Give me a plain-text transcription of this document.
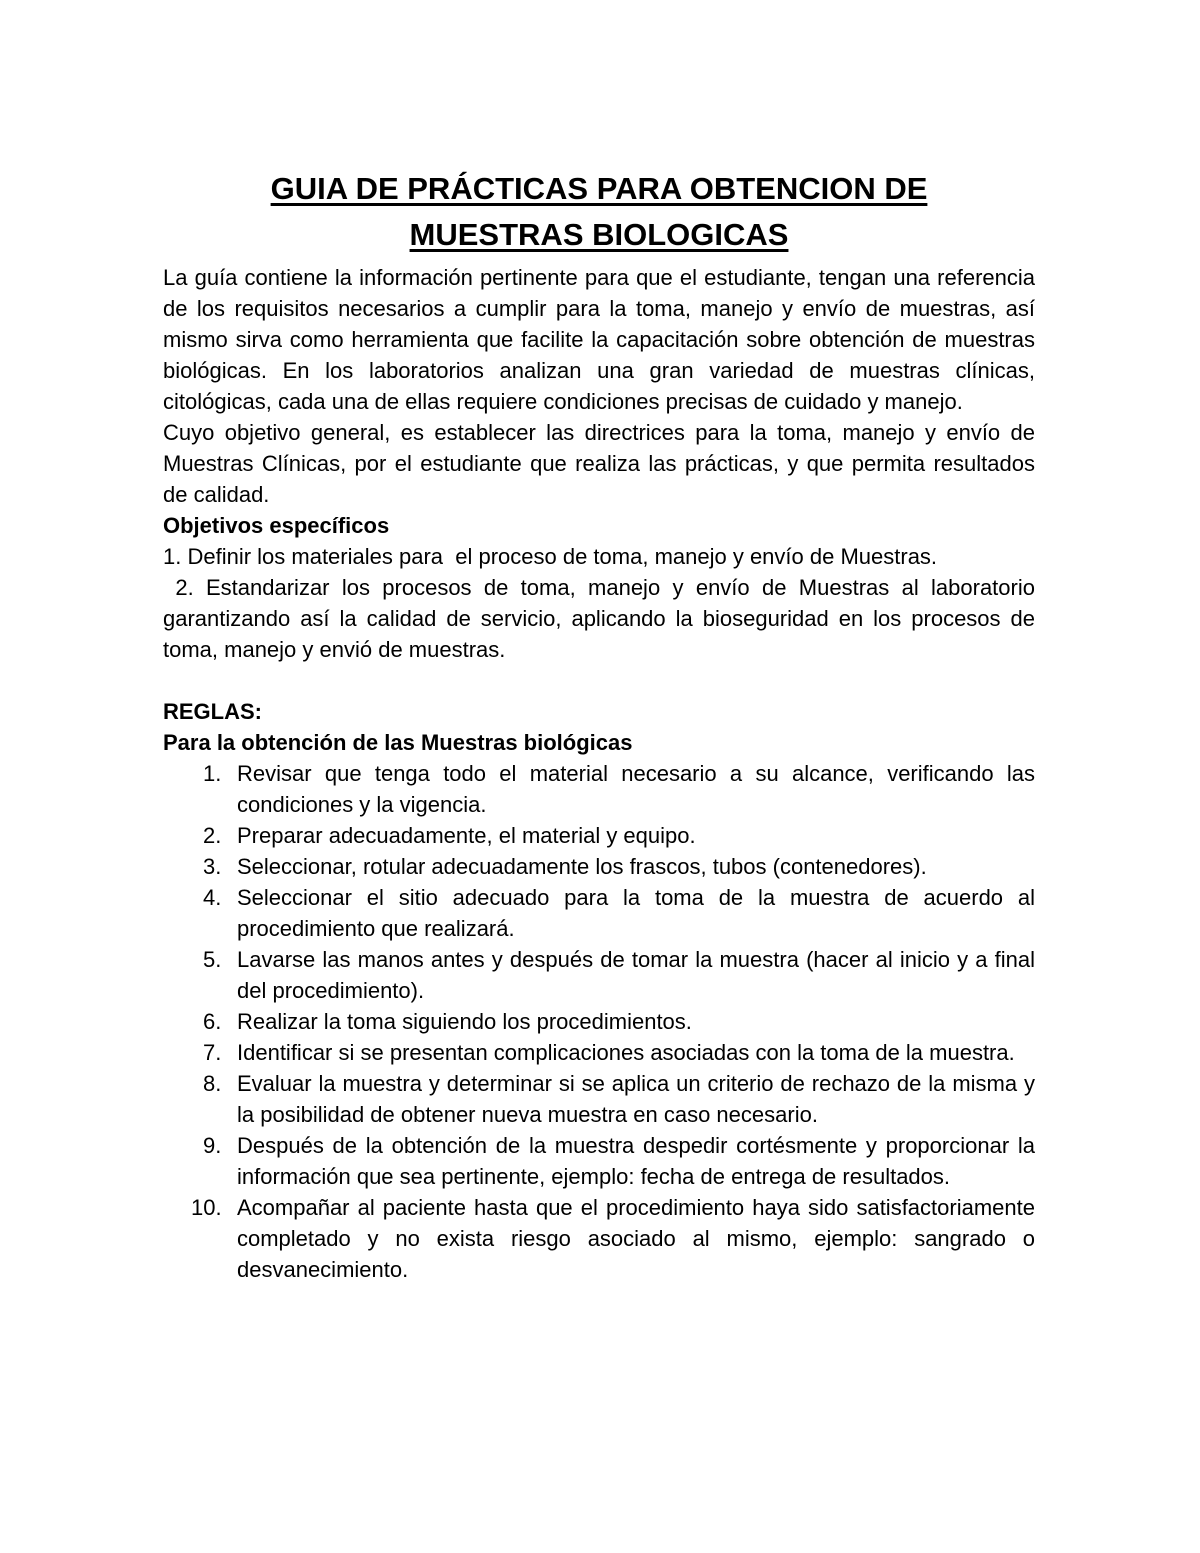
GUIA DE PRÁCTICAS PARA OBTENCION DE
MUESTRAS BIOLOGICAS

La guía contiene la información pertinente para que el estudiante, tengan una referencia de los requisitos necesarios a cumplir para la toma, manejo y envío de muestras, así mismo sirva como herramienta que facilite la capacitación sobre obtención de muestras biológicas. En los laboratorios analizan una gran variedad de muestras clínicas, citológicas, cada una de ellas requiere condiciones precisas de cuidado y manejo.

Cuyo objetivo general, es establecer las directrices para la toma, manejo y envío de Muestras Clínicas, por el estudiante que realiza las prácticas, y que permita resultados de calidad.

Objetivos específicos

1. Definir los materiales para  el proceso de toma, manejo y envío de Muestras.

2. Estandarizar los procesos de toma, manejo y envío de Muestras al laboratorio garantizando así la calidad de servicio, aplicando la bioseguridad en los procesos de toma, manejo y envió de muestras.

REGLAS:

Para la obtención de las Muestras biológicas

1. Revisar que tenga todo el material necesario a su alcance, verificando las condiciones y la vigencia.
2. Preparar adecuadamente, el material y equipo.
3. Seleccionar, rotular adecuadamente los frascos, tubos (contenedores).
4. Seleccionar el sitio adecuado para la toma de la muestra de acuerdo al procedimiento que realizará.
5. Lavarse las manos antes y después de tomar la muestra (hacer al inicio y a final del procedimiento).
6. Realizar la toma siguiendo los procedimientos.
7. Identificar si se presentan complicaciones asociadas con la toma de la muestra.
8. Evaluar la muestra y determinar si se aplica un criterio de rechazo de la misma y la posibilidad de obtener nueva muestra en caso necesario.
9. Después de la obtención de la muestra despedir cortésmente y proporcionar la información que sea pertinente, ejemplo: fecha de entrega de resultados.
10. Acompañar al paciente hasta que el procedimiento haya sido satisfactoriamente completado y no exista riesgo asociado al mismo, ejemplo: sangrado o desvanecimiento.
